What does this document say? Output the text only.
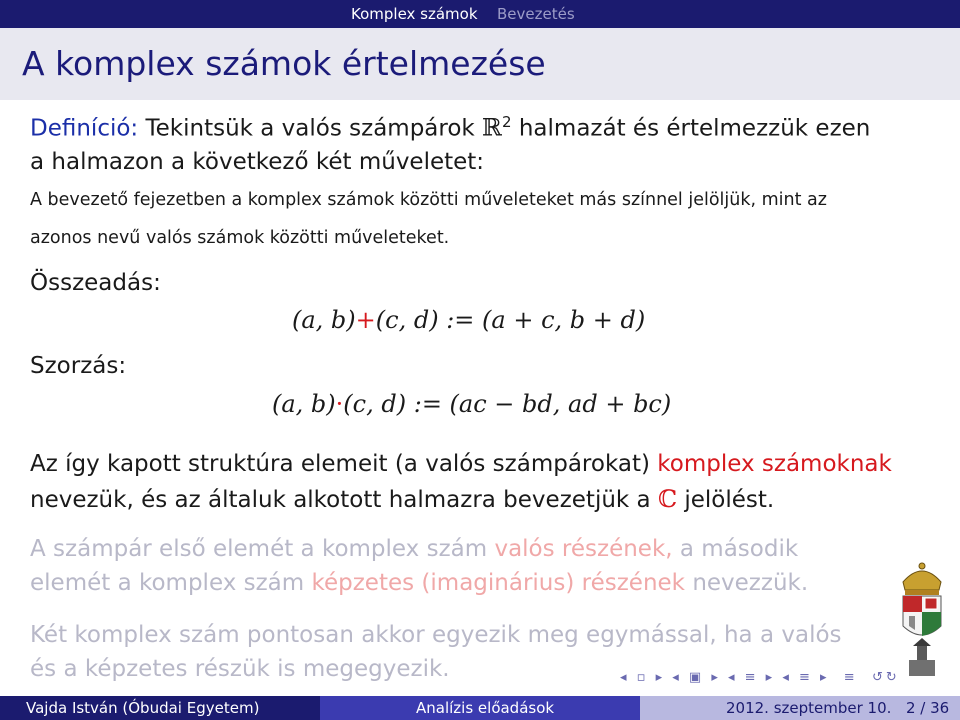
Komplex számok Bevezetés
A komplex számok értelmezése
Definíció: Tekintsük a valós számpárok ℝ$^2$ halmazát és értelmezzük ezen
a halmazon a következő két műveletet:
A bevezető fejezetben a komplex számok közötti műveleteket más színnel jelöljük, mint az
azonos nevű valós számok közötti műveleteket.
Összeadás:
(a, b)+(c, d) := (a + c, b + d)
Szorzás:
(a, b)·(c, d) := (ac − bd, ad + bc)
Az így kapott struktúra elemeit (a valós számpárokat) komplex számoknak
nevezük, és az általuk alkotott halmazra bevezetjük a ℂ jelölést.
A számpár első elemét a komplex szám valós részének, a második
elemét a komplex szám képzetes (imaginárius) részének nevezzük.
Két komplex szám pontosan akkor egyezik meg egymással, ha a valós
és a képzetes részük is megegyezik.	◂ ▫ ▸ ◂ ▣ ▸ ◂ ≡ ▸ ◂ ≡ ▸  ≡  ↺↻
Vajda István (Óbudai Egyetem)	Analízis előadások	2012. szeptember 10. 2 / 36
